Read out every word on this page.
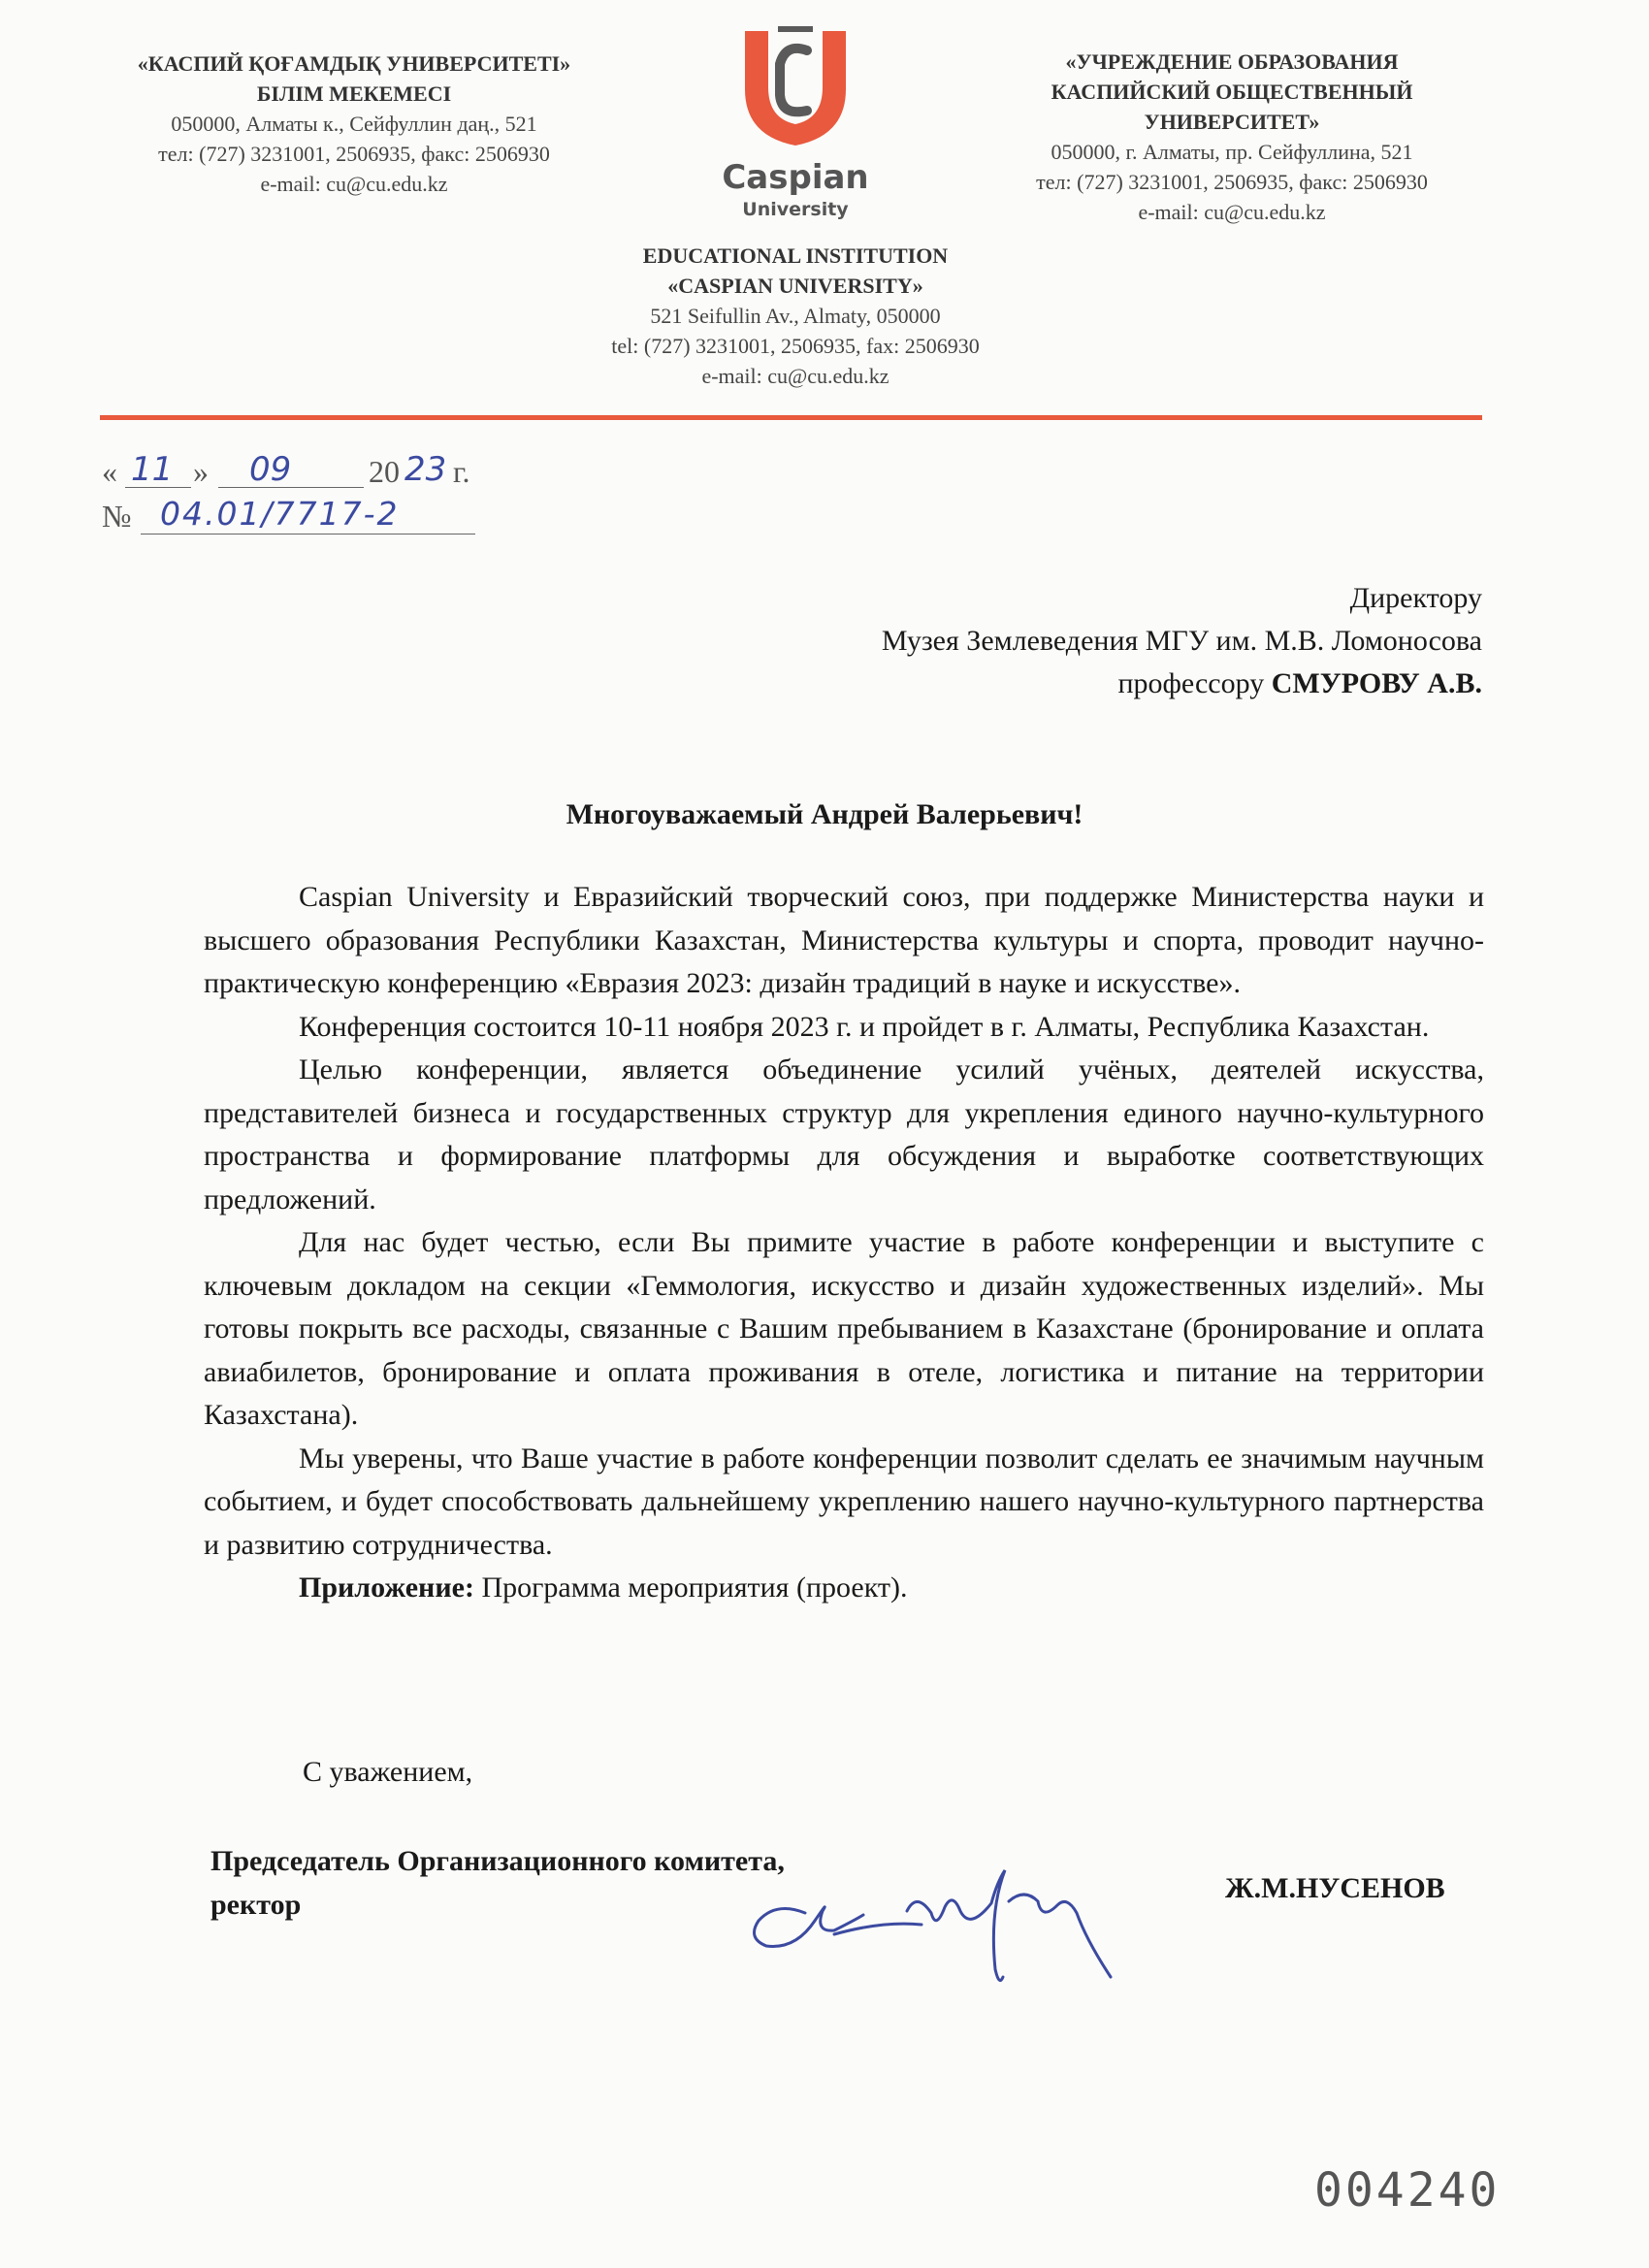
«КАСПИЙ ҚОҒАМДЫҚ УНИВЕРСИТЕТІ»
БІЛІМ МЕКЕМЕСІ
050000, Алматы к., Сейфуллин даң., 521
тел: (727) 3231001, 2506935, факс: 2506930
e-mail: cu@cu.edu.kz	Caspian
University
«УЧРЕЖДЕНИЕ ОБРАЗОВАНИЯ
КАСПИЙСКИЙ ОБЩЕСТВЕННЫЙ
УНИВЕРСИТЕТ»
050000, г. Алматы, пр. Сейфуллина, 521
тел: (727) 3231001, 2506935, факс: 2506930
e-mail: cu@cu.edu.kz
EDUCATIONAL INSTITUTION
«CASPIAN UNIVERSITY»
521 Seifullin Av., Almaty, 050000
tel: (727) 3231001, 2506935, fax: 2506930
e-mail: cu@cu.edu.kz
« 11 » 09 20 23 г.
№ 04.01/7717-2
Директору
Музея Землеведения МГУ им. М.В. Ломоносова
профессору СМУРОВУ А.В.
Многоуважаемый Андрей Валерьевич!

Caspian University и Евразийский творческий союз, при поддержке Министерства науки и высшего образования Республики Казахстан, Министерства культуры и спорта, проводит научно-практическую конференцию «Евразия 2023: дизайн традиций в науке и искусстве».

Конференция состоится 10-11 ноября 2023 г. и пройдет в г. Алматы, Республика Казахстан.

Целью конференции, является объединение усилий учёных, деятелей искусства, представителей бизнеса и государственных структур для укрепления единого научно-культурного пространства и формирование платформы для обсуждения и выработке соответствующих предложений.

Для нас будет честью, если Вы примите участие в работе конференции и выступите с ключевым докладом на секции «Геммология, искусство и дизайн художественных изделий». Мы готовы покрыть все расходы, связанные с Вашим пребыванием в Казахстане (бронирование и оплата авиабилетов, бронирование и оплата проживания в отеле, логистика и питание на территории Казахстана).

Мы уверены, что Ваше участие в работе конференции позволит сделать ее значимым научным событием, и будет способствовать дальнейшему укреплению нашего научно-культурного партнерства и развитию сотрудничества.

Приложение: Программа мероприятия (проект).

С уважением,
Председатель Организационного комитета,
ректор
Ж.М.НУСЕНОВ
004240
